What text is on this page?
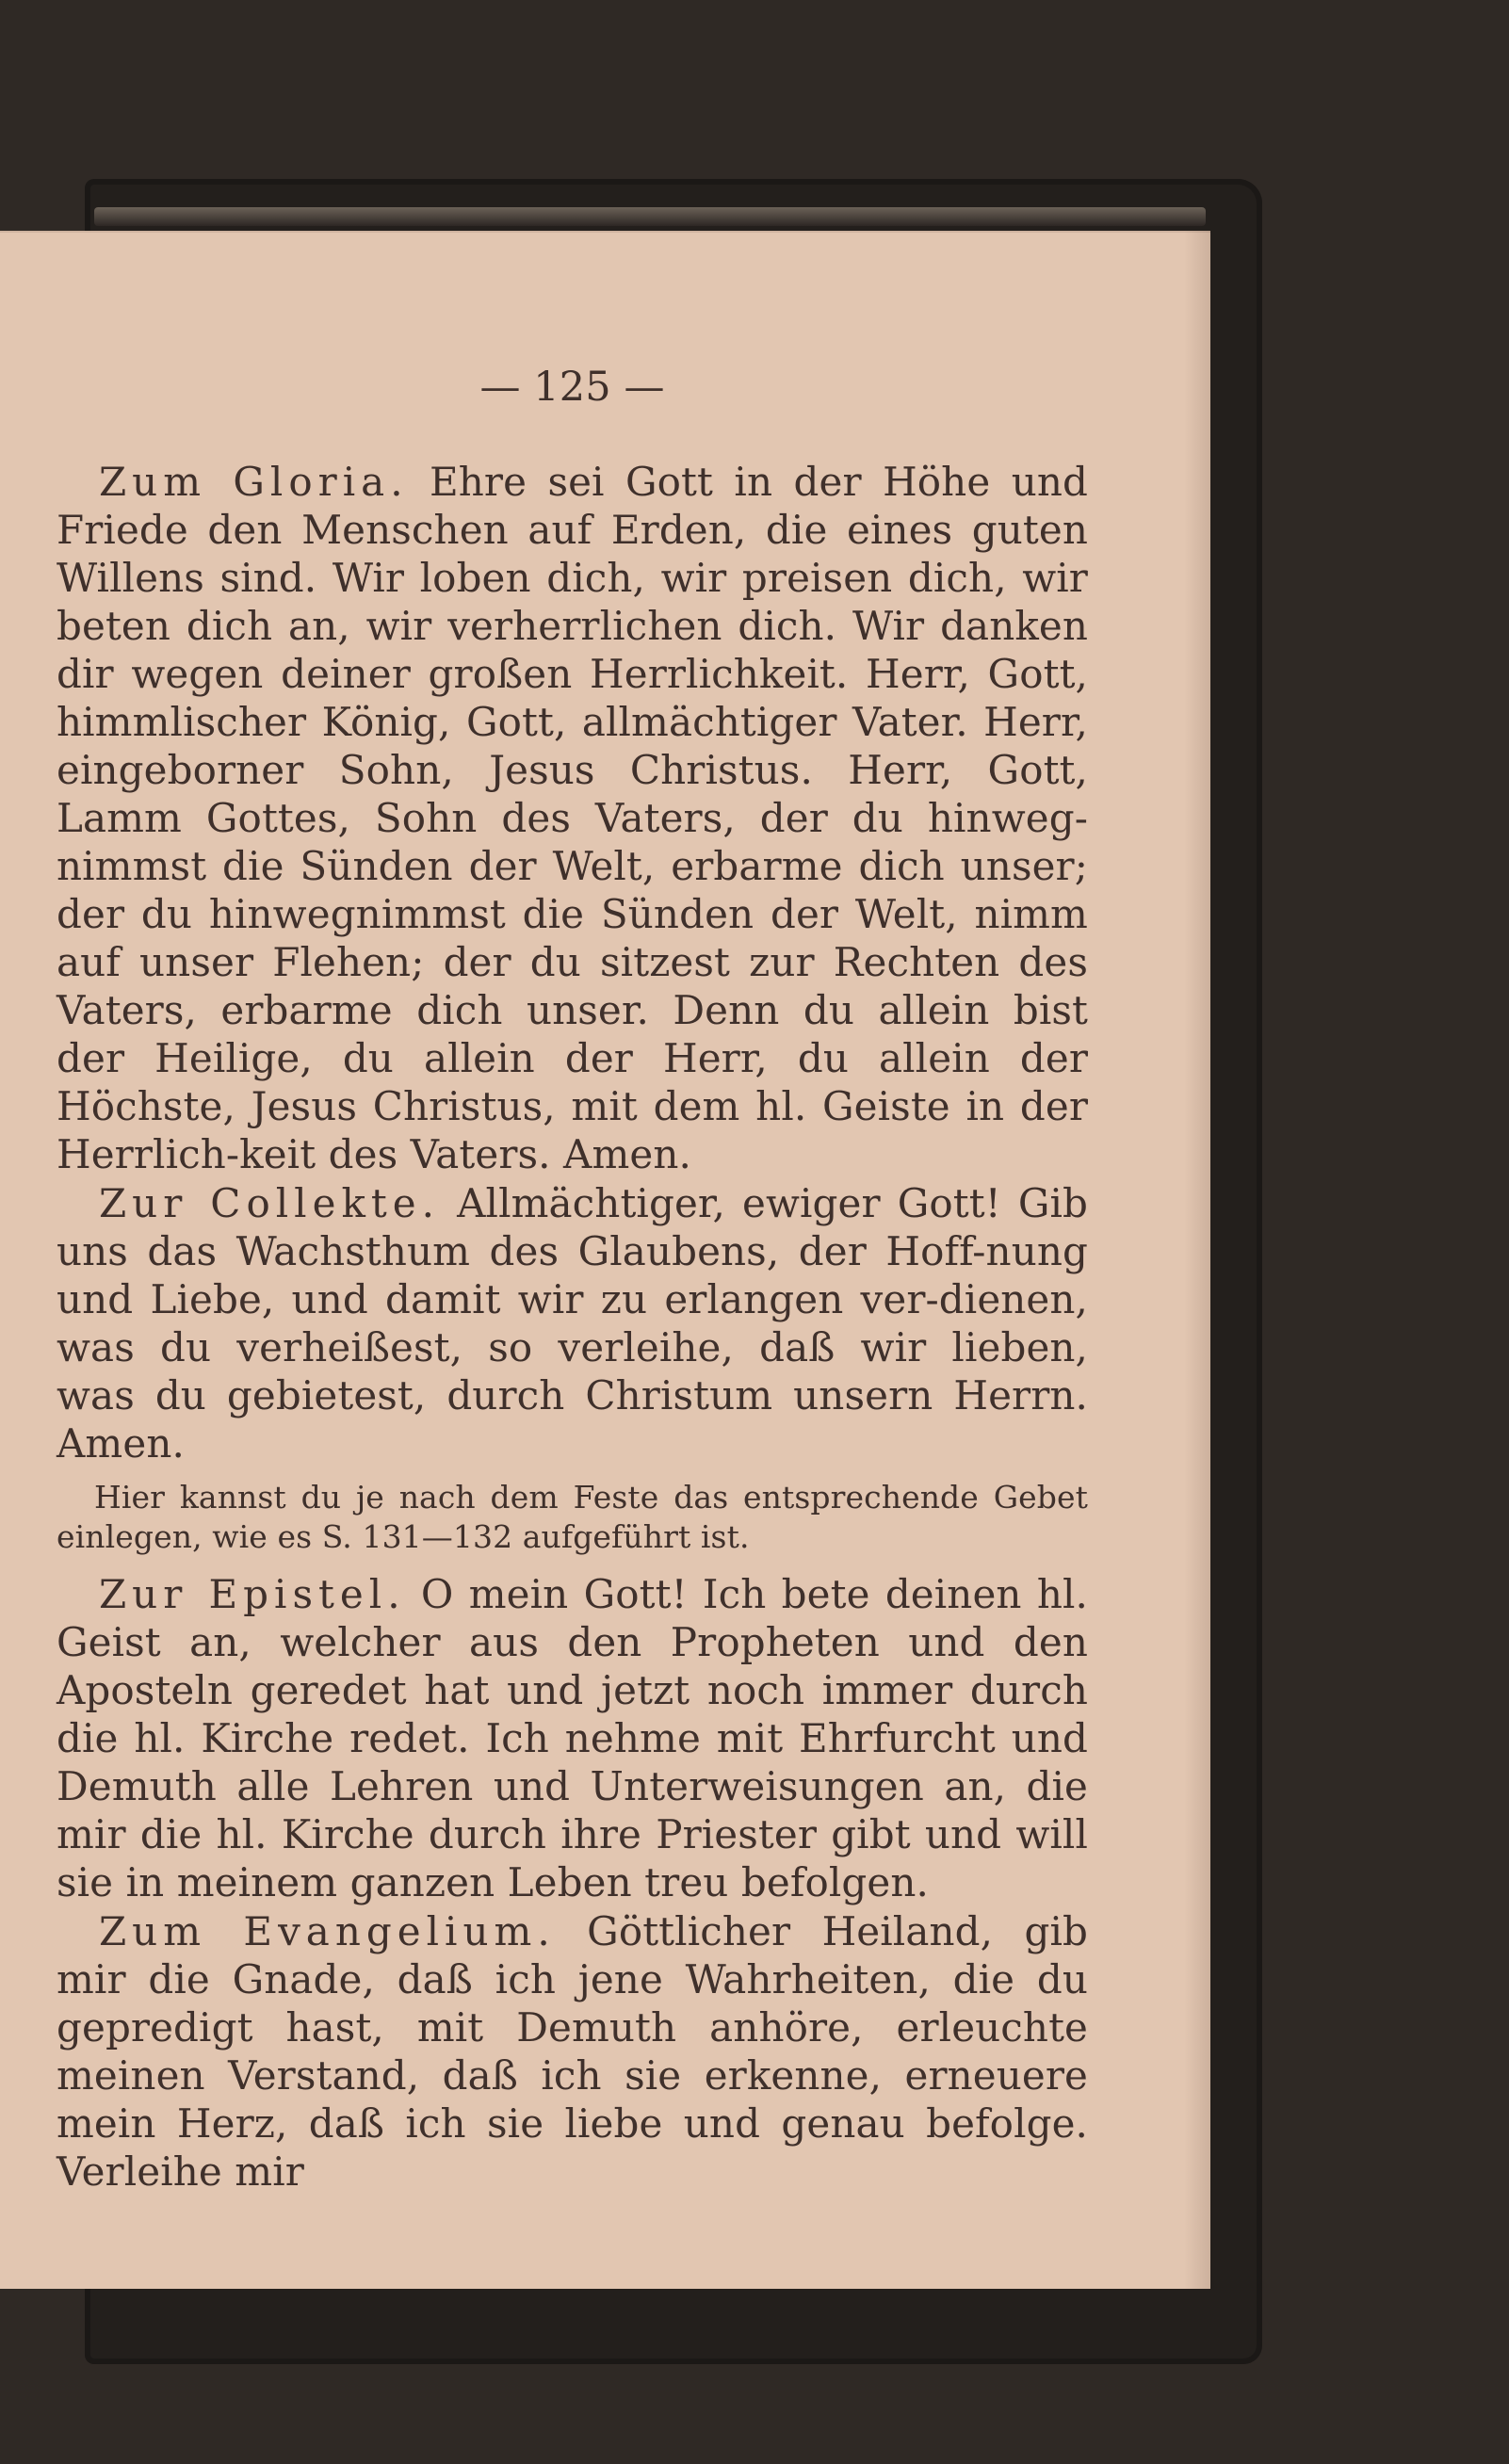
— 125 —

Zum Gloria. Ehre sei Gott in der Höhe und Friede den Menschen auf Erden, die eines guten Willens sind. Wir loben dich, wir preisen dich, wir beten dich an, wir verherrlichen dich. Wir danken dir wegen deiner großen Herrlichkeit. Herr, Gott, himmlischer König, Gott, allmächtiger Vater. Herr, eingeborner Sohn, Jesus Christus. Herr, Gott, Lamm Gottes, Sohn des Vaters, der du hinweg-nimmst die Sünden der Welt, erbarme dich unser; der du hinwegnimmst die Sünden der Welt, nimm auf unser Flehen; der du sitzest zur Rechten des Vaters, erbarme dich unser. Denn du allein bist der Heilige, du allein der Herr, du allein der Höchste, Jesus Christus, mit dem hl. Geiste in der Herrlich-keit des Vaters. Amen.

Zur Collekte. Allmächtiger, ewiger Gott! Gib uns das Wachsthum des Glaubens, der Hoff-nung und Liebe, und damit wir zu erlangen ver-dienen, was du verheißest, so verleihe, daß wir lieben, was du gebietest, durch Christum unsern Herrn. Amen.

Hier kannst du je nach dem Feste das entsprechende Gebet einlegen, wie es S. 131—132 aufgeführt ist.

Zur Epistel. O mein Gott! Ich bete deinen hl. Geist an, welcher aus den Propheten und den Aposteln geredet hat und jetzt noch immer durch die hl. Kirche redet. Ich nehme mit Ehrfurcht und Demuth alle Lehren und Unterweisungen an, die mir die hl. Kirche durch ihre Priester gibt und will sie in meinem ganzen Leben treu befolgen.

Zum Evangelium. Göttlicher Heiland, gib mir die Gnade, daß ich jene Wahrheiten, die du gepredigt hast, mit Demuth anhöre, erleuchte meinen Verstand, daß ich sie erkenne, erneuere mein Herz, daß ich sie liebe und genau befolge. Verleihe mir
